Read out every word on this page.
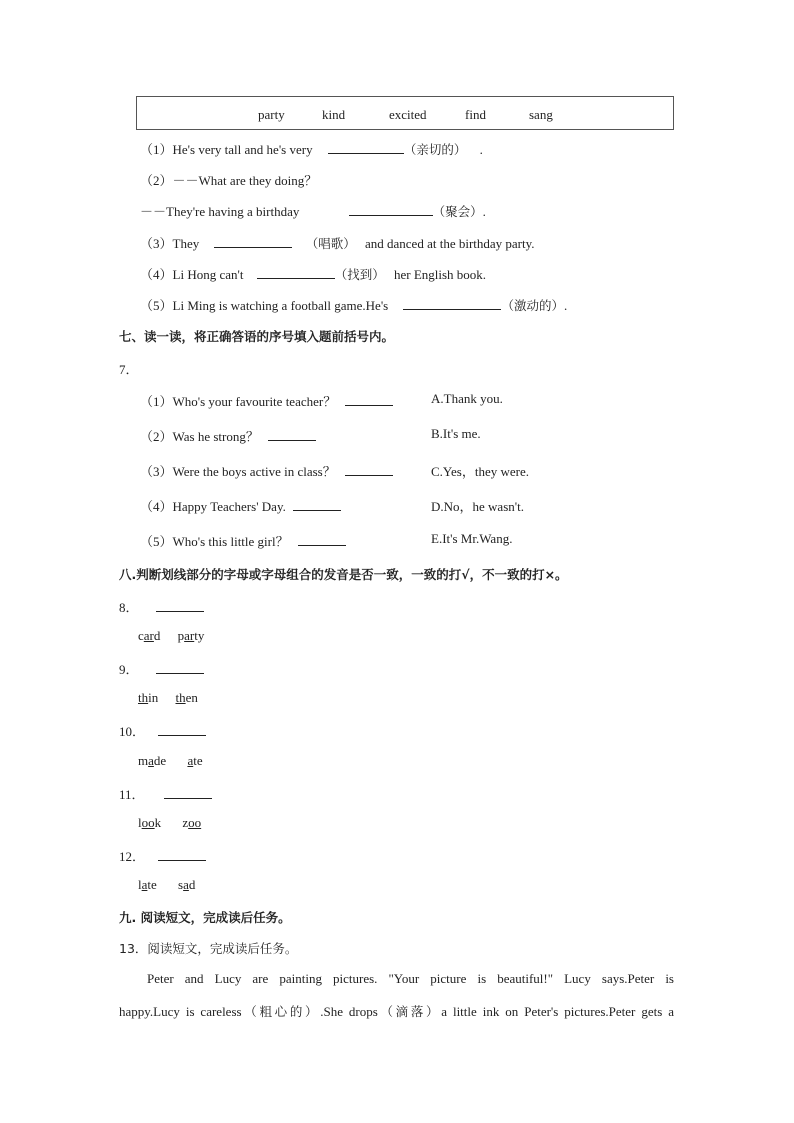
party	kind	excited	find	sang
（1）He's very tall and he's very	（亲切的） .
（2）－－What are they doing？
－－They're having a birthday	（聚会）.
（3）They	（唱歌） and danced at the birthday party.
（4）Li Hong can't	（找到） her English book.
（5）Li Ming is watching a football game.He's	（激动的）.
七、读一读，将正确答语的序号填入题前括号内。
7．
（1）Who's your favourite teacher？	A.Thank you.
（2）Was he strong？	B.It's me.
（3）Were the boys active in class？	C.Yes，they were.
（4）Happy Teachers' Day.	D.No，he wasn't.
（5）Who's this little girl？	E.It's Mr.Wang.
八.判断划线部分的字母或字母组合的发音是否一致，一致的打√，不一致的打×。
8．
card party
9．
thin then
10．
made ate
11．
look zoo
12．
late sad
九. 阅读短文，完成读后任务。
13．阅读短文，完成读后任务。
Peter and Lucy are painting pictures. "Your picture is beautiful!" Lucy says.Peter is
happy.Lucy is careless（粗心的）.She drops（滴落）a little ink on Peter's pictures.Peter gets a
